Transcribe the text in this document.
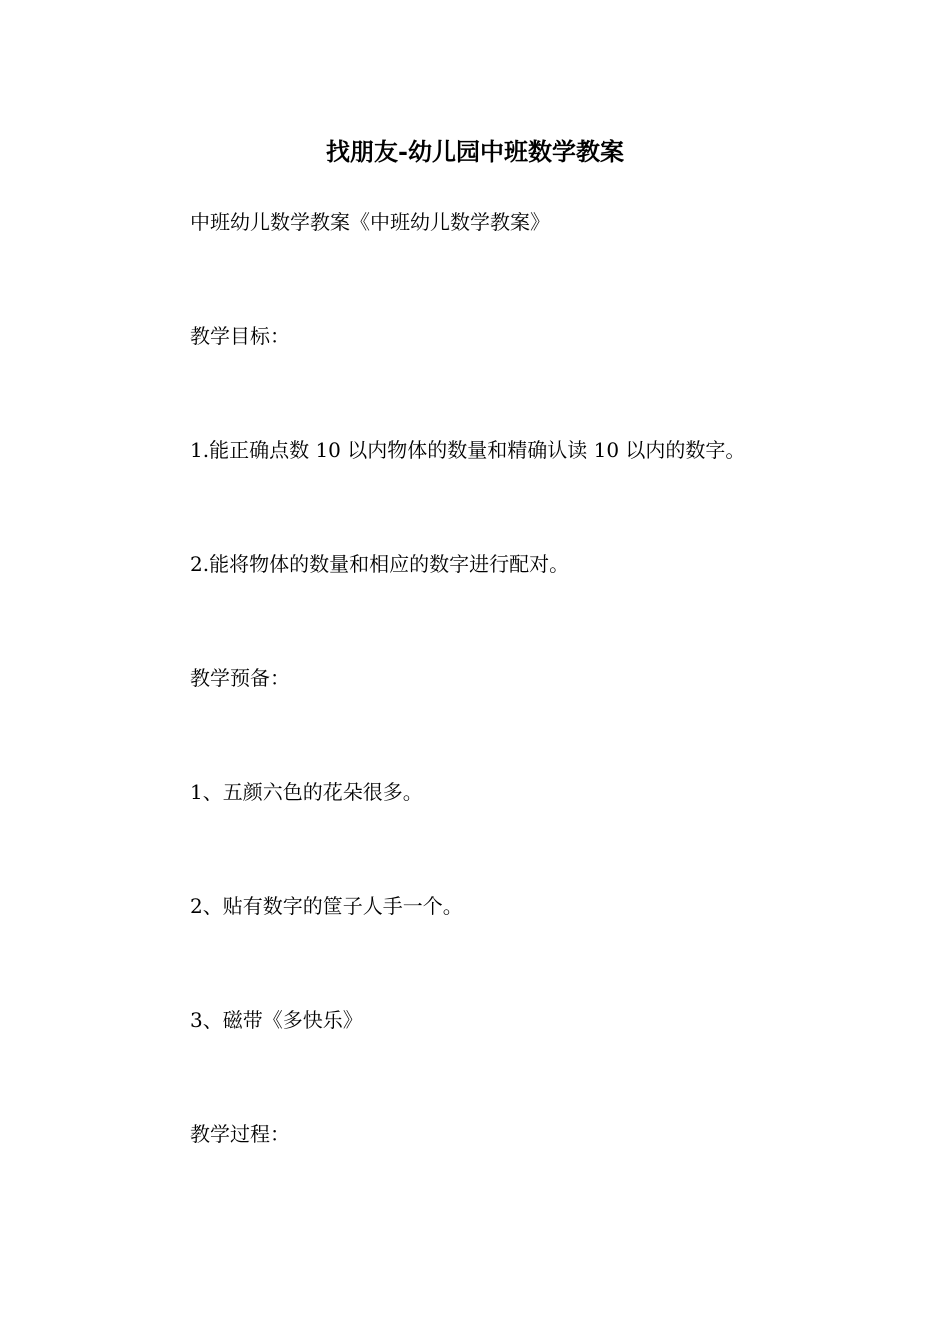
找朋友-幼儿园中班数学教案
中班幼儿数学教案《中班幼儿数学教案》
教学目标：
1.能正确点数 10 以内物体的数量和精确认读 10 以内的数字。
2.能将物体的数量和相应的数字进行配对。
教学预备：
1、五颜六色的花朵很多。
2、贴有数字的筐子人手一个。
3、磁带《多快乐》
教学过程：
